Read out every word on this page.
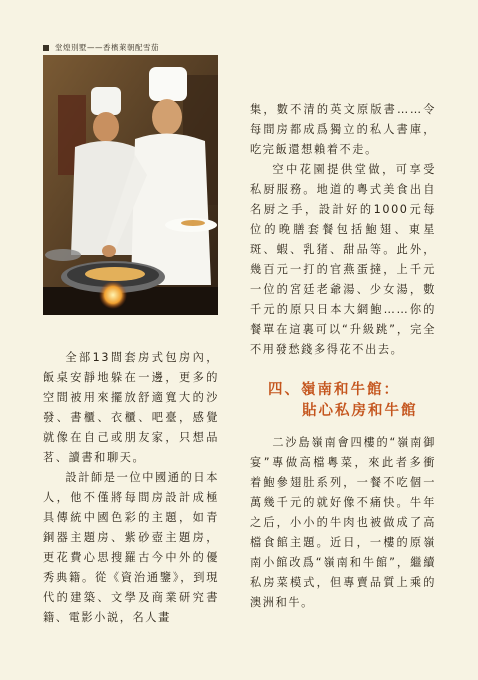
堂煌別墅——香檳萊朝配雪茄

全部13間套房式包房內，飯桌安靜地躲在一邊，更多的空間被用來擺放舒適寬大的沙發、書櫃、衣櫃、吧臺，感覺就像在自己或朋友家，只想品茗、讀書和聊天。

設計師是一位中國通的日本人，他不僅將每間房設計成極具傳統中國色彩的主題，如青銅器主題房、紫砂壺主題房，更花費心思搜羅古今中外的優秀典籍。從《資治通鑒》，到現代的建築、文學及商業研究書籍、電影小説，名人畫

集，數不清的英文原版書……令每間房都成爲獨立的私人書庫，吃完飯還想賴着不走。

空中花園提供堂做，可享受私厨服務。地道的粵式美食出自名厨之手，設計好的1000元每位的晚膳套餐包括鮑翅、東星斑、蝦、乳猪、甜品等。此外，幾百元一打的官燕蛋撻，上千元一位的宮廷老爺湯、少女湯，數千元的原只日本大網鮑……你的餐單在這裏可以“升級跳”，完全不用發愁錢多得花不出去。

四、嶺南和牛館：
貼心私房和牛館

二沙島嶺南會四樓的“嶺南御宴”專做高檔粵菜，來此者多衝着鮑參翅肚系列，一餐不吃個一萬幾千元的就好像不痛快。牛年之后，小小的牛肉也被做成了高檔食館主題。近日，一樓的原嶺南小館改爲“嶺南和牛館”，繼續私房菜模式，但專賣品質上乘的澳洲和牛。
